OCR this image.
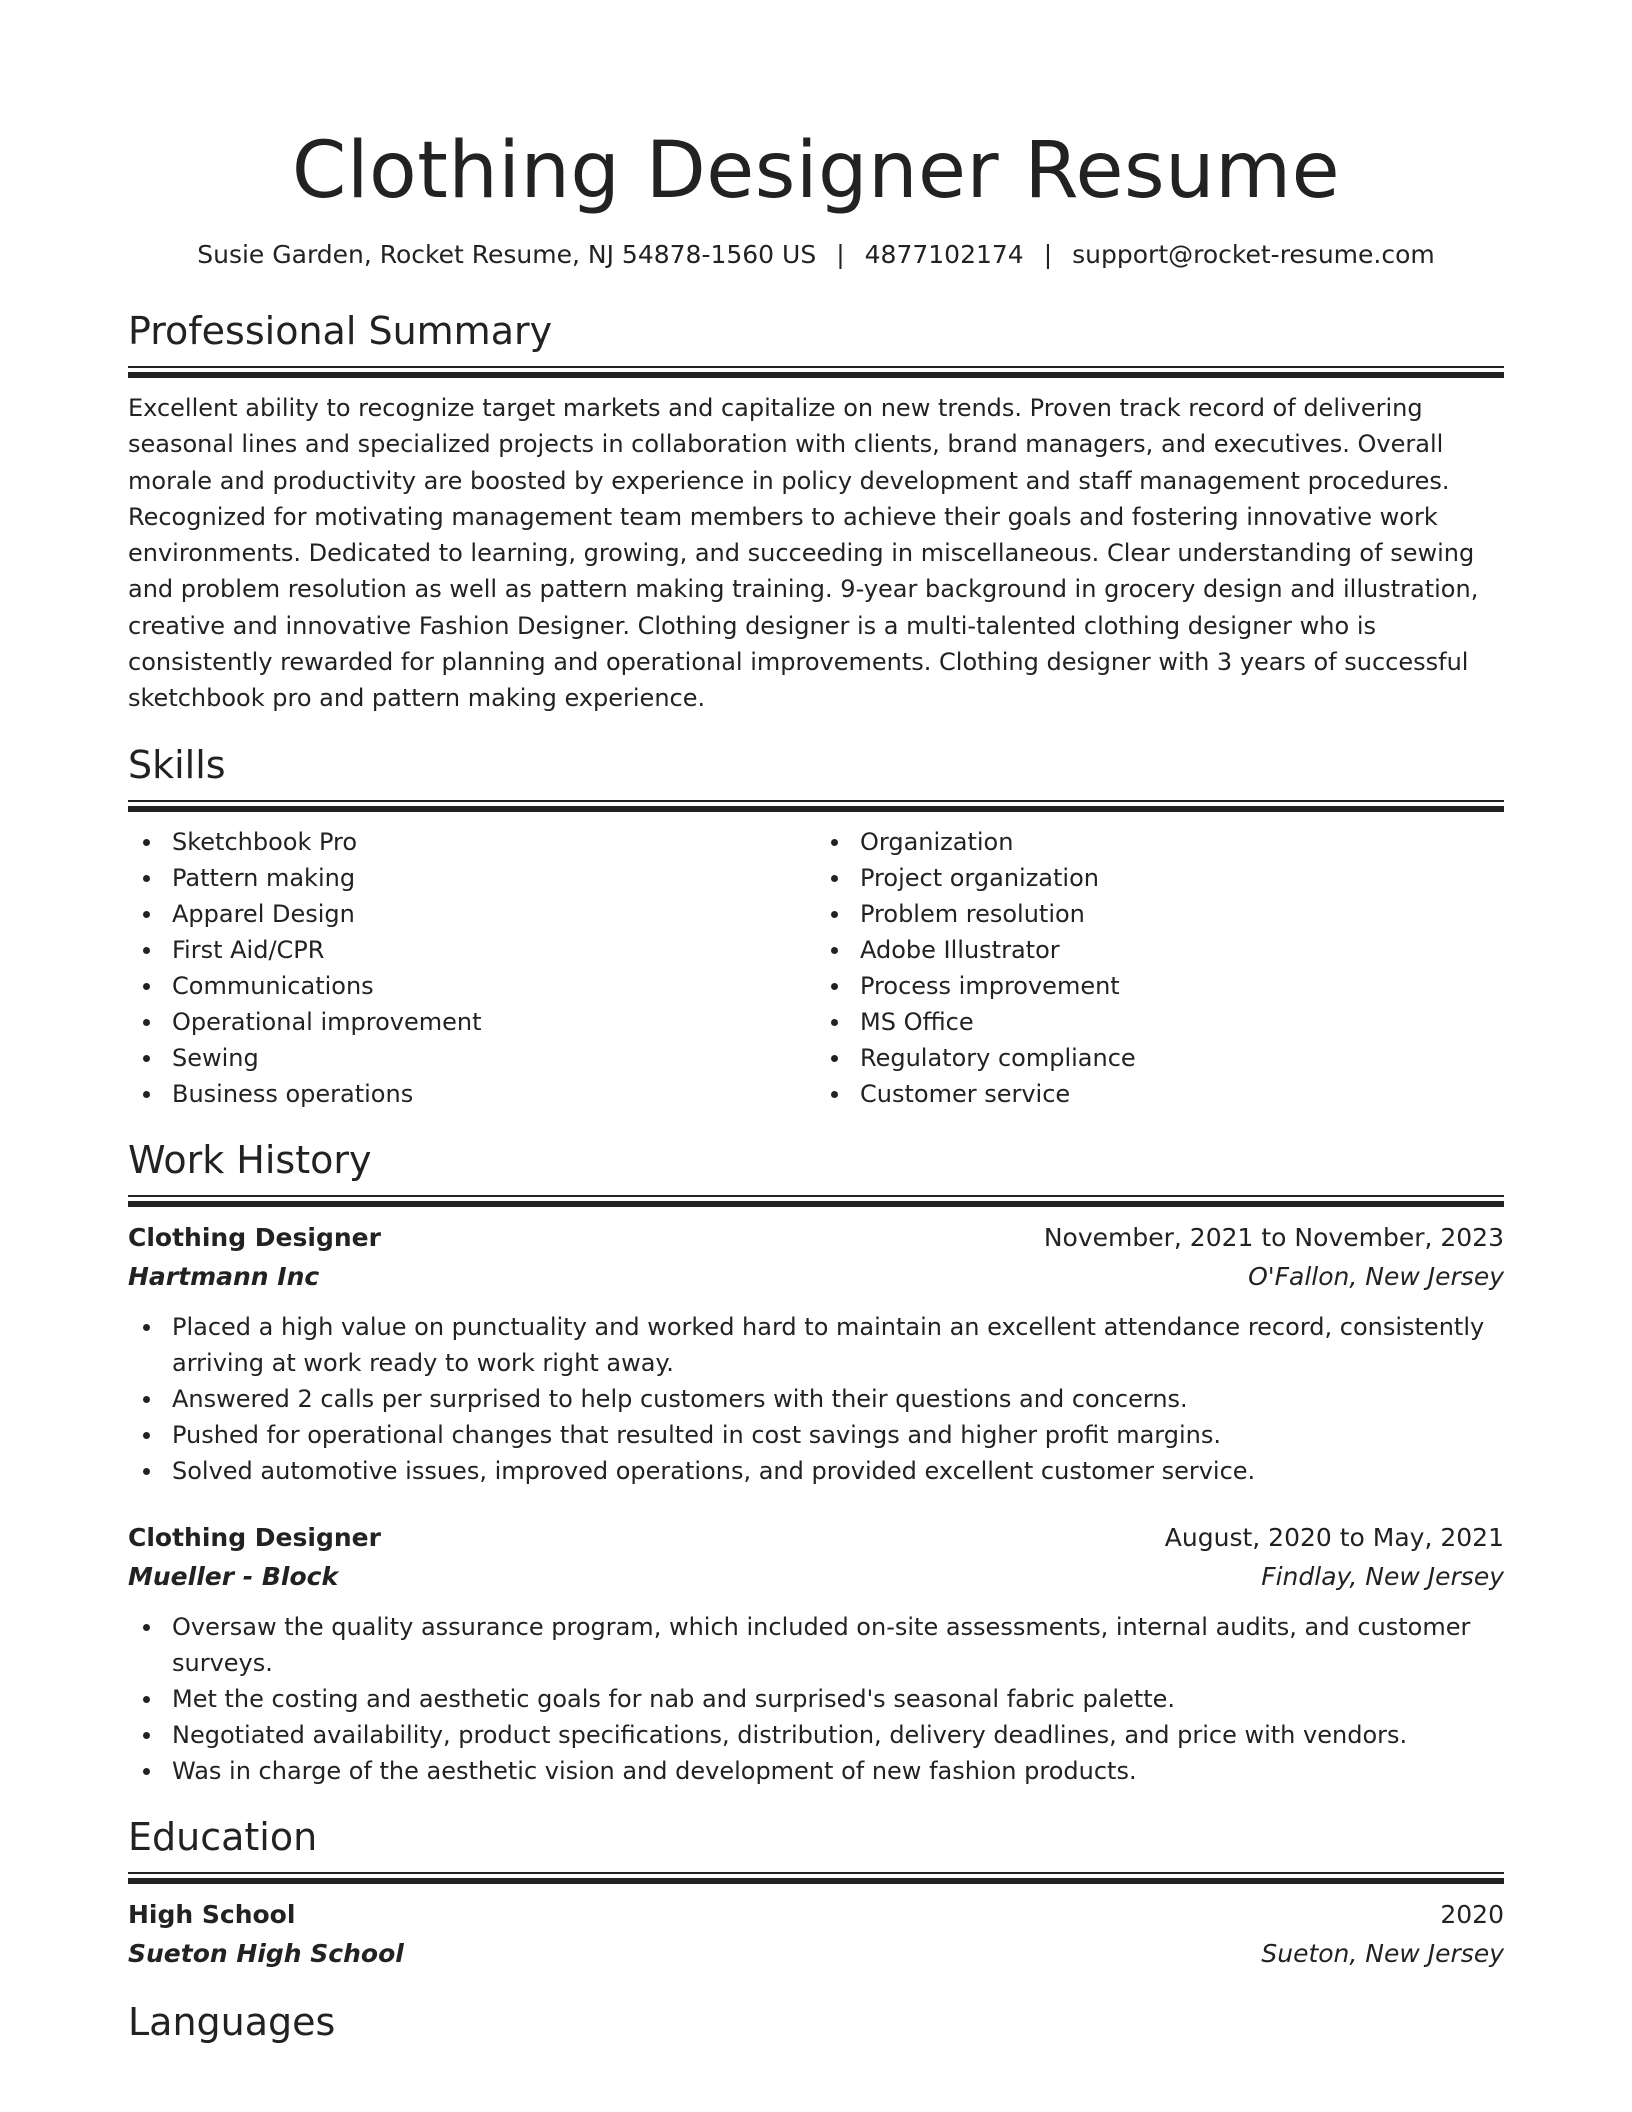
Clothing Designer Resume
Susie Garden, Rocket Resume, NJ 54878-1560 US | 4877102174 | support@rocket-resume.com
Professional Summary

Excellent ability to recognize target markets and capitalize on new trends. Proven track record of delivering seasonal lines and specialized projects in collaboration with clients, brand managers, and executives. Overall morale and productivity are boosted by experience in policy development and staff management procedures. Recognized for motivating management team members to achieve their goals and fostering innovative work environments. Dedicated to learning, growing, and succeeding in miscellaneous. Clear understanding of sewing and problem resolution as well as pattern making training. 9-year background in grocery design and illustration, creative and innovative Fashion Designer. Clothing designer is a multi-talented clothing designer who is consistently rewarded for planning and operational improvements. Clothing designer with 3 years of successful sketchbook pro and pattern making experience.

Skills
Sketchbook Pro
Pattern making
Apparel Design
First Aid/CPR
Communications
Operational improvement
Sewing
Business operations
Organization
Project organization
Problem resolution
Adobe Illustrator
Process improvement
MS Office
Regulatory compliance
Customer service
Work History
Clothing Designer	November, 2021 to November, 2023
Hartmann Inc	O'Fallon, New Jersey
Placed a high value on punctuality and worked hard to maintain an excellent attendance record, consistently arriving at work ready to work right away.
Answered 2 calls per surprised to help customers with their questions and concerns.
Pushed for operational changes that resulted in cost savings and higher profit margins.
Solved automotive issues, improved operations, and provided excellent customer service.
Clothing Designer	August, 2020 to May, 2021
Mueller - Block	Findlay, New Jersey
Oversaw the quality assurance program, which included on-site assessments, internal audits, and customer surveys.
Met the costing and aesthetic goals for nab and surprised's seasonal fabric palette.
Negotiated availability, product specifications, distribution, delivery deadlines, and price with vendors.
Was in charge of the aesthetic vision and development of new fashion products.
Education
High School	2020
Sueton High School	Sueton, New Jersey
Languages
